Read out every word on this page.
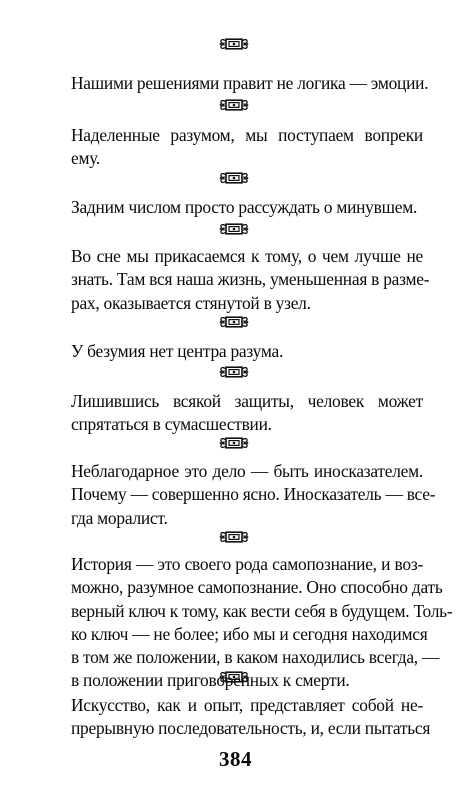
Нашими решениями правит не логика — эмоции.

Наделенные разумом, мы поступаем вопреки
ему.

Задним числом просто рассуждать о минувшем.

Во сне мы прикасаемся к тому, о чем лучше не
знать. Там вся наша жизнь, уменьшенная в разме-
рах, оказывается стянутой в узел.

У безумия нет центра разума.

Лишившись всякой защиты, человек может
спрятаться в сумасшествии.

Неблагодарное это дело — быть иносказателем.
Почему — совершенно ясно. Иносказатель — все-
гда моралист.

История — это своего рода самопознание, и воз-
можно, разумное самопознание. Оно способно дать
верный ключ к тому, как вести себя в будущем. Толь-
ко ключ — не более; ибо мы и сегодня находимся
в том же положении, в каком находились всегда, —
в положении приговоренных к смерти.

Искусство, как и опыт, представляет собой не-
прерывную последовательность, и, если пытаться

384
